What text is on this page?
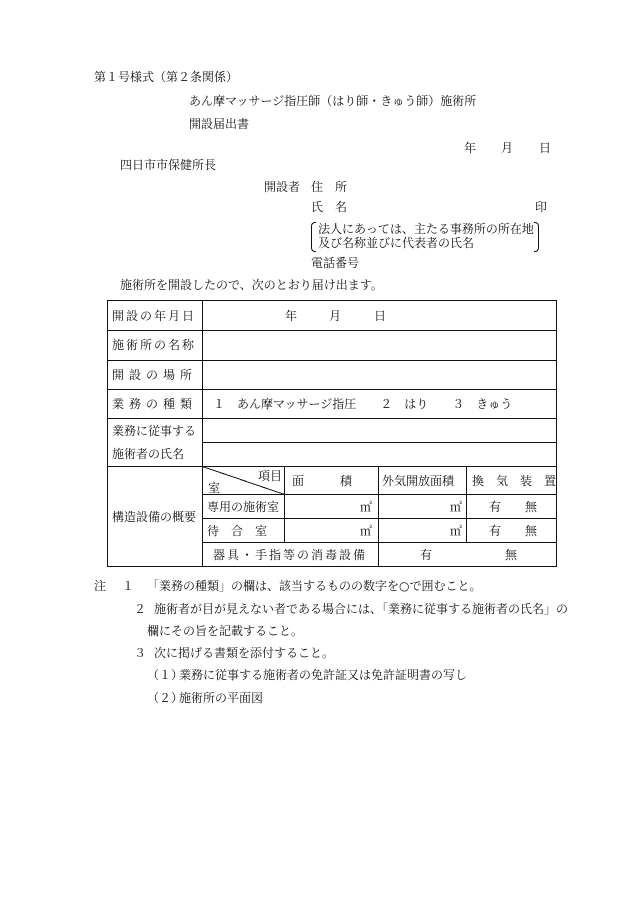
第１号様式（第２条関係）
あん摩マッサージ指圧師（はり師・きゅう師）施術所
開設届出書
年 月 日
四日市市保健所長
開設者 住　所
氏　名	印
法人にあっては、主たる事務所の所在地
及び名称並びに代表者の氏名
電話番号
施術所を開設したので、次のとおり届け出ます。
開設の年月日	年	月	日
施術所の名称
開設の場所
業務の種類 １　あん摩マッサージ指圧　　２　はり　　３　きゅう
業務に従事する
施術者の氏名
構造設備の概要
項目
室	面　　　積 外気開放面積 換　気　装　置
専用の施術室	㎡	㎡ 有 無
待　合　室	㎡	㎡ 有 無
器具・手指等の消毒設備	有	無
注 １ 「業務の種類」の欄は、該当するものの数字を○で囲むこと。
２ 施術者が目が見えない者である場合には、「業務に従事する施術者の氏名」の
欄にその旨を記載すること。
３ 次に掲げる書類を添付すること。
（１）
業務に従事する施術者の免許証又は免許証明書の写し
（２）
施術所の平面図
